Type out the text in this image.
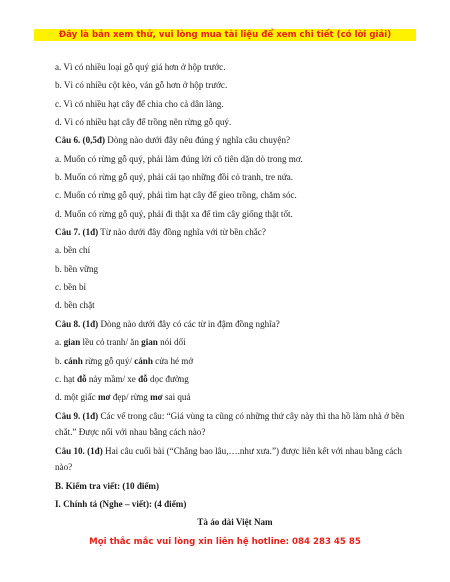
Đây là bản xem thử, vui lòng mua tài liệu để xem chi tiết (có lời giải)
a. Vì có nhiều loại gỗ quý giá hơn ở hộp trước.
b. Vì có nhiều cột kèo, ván gỗ hơn ở hộp trước.
c. Vì có nhiều hạt cây để chia cho cả dân làng.
d. Vì có nhiều hạt cây để trồng nên rừng gỗ quý.
Câu 6. (0,5đ) Dòng nào dưới đây nêu đúng ý nghĩa câu chuyện?
a. Muốn có rừng gỗ quý, phải làm đúng lời cô tiên dặn dò trong mơ.
b. Muốn có rừng gỗ quý, phải cải tạo những đồi cỏ tranh, tre nứa.
c. Muốn có rừng gỗ quý, phải tìm hạt cây để gieo trồng, chăm sóc.
d. Muốn có rừng gỗ quý, phải đi thật xa để tìm cây giống thật tốt.
Câu 7. (1đ) Từ nào dưới đây đồng nghĩa với từ bền chắc?
a. bền chí
b. bền vững
c. bền bỉ
d. bền chặt
Câu 8. (1đ) Dòng nào dưới đây có các từ in đậm đồng nghĩa?
a. gian lều cỏ tranh/ ăn gian nói dối
b. cánh rừng gỗ quý/ cánh cửa hé mở
c. hạt đỗ nảy mầm/ xe đỗ dọc đường
d. một giấc mơ đẹp/ rừng mơ sai quả
Câu 9. (1đ) Các vế trong câu: “Giá vùng ta cũng có những thứ cây này thì tha hồ làm nhà ở bền chắt.” Được nối với nhau bằng cách nào?
Câu 10. (1đ) Hai câu cuối bài (“Chẳng bao lâu,….như xưa.”) được liên kết với nhau bằng cách nào?
B. Kiểm tra viết: (10 điểm)
I. Chính tả (Nghe – viết): (4 điểm)
Tà áo dài Việt Nam
Mọi thắc mắc vui lòng xin liên hệ hotline: 084 283 45 85
